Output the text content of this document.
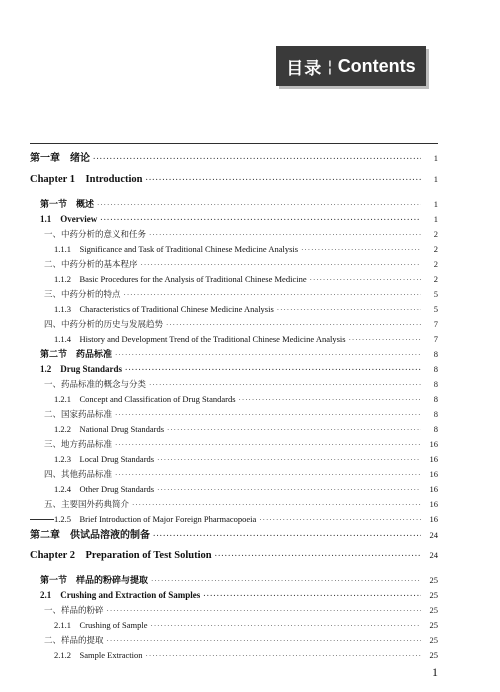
目录 ¦ Contents
第一章　绪论 ·····	1
Chapter 1　Introduction ·····	1
第一节　概述 ·····	1
1.1　Overview ·····	1
一、中药分析的意义和任务 ·····	2
1.1.1　Significance and Task of Traditional Chinese Medicine Analysis ·····	2
二、中药分析的基本程序 ·····	2
1.1.2　Basic Procedures for the Analysis of Traditional Chinese Medicine ·····	2
三、中药分析的特点 ·····	5
1.1.3　Characteristics of Traditional Chinese Medicine Analysis ·····	5
四、中药分析的历史与发展趋势 ·····	7
1.1.4　History and Development Trend of the Traditional Chinese Medicine Analysis ·····	7
第二节　药品标准 ·····	8
1.2　Drug Standards ·····	8
一、药品标准的概念与分类 ·····	8
1.2.1　Concept and Classification of Drug Standards ·····	8
二、国家药品标准 ·····	8
1.2.2　National Drug Standards ·····	8
三、地方药品标准 ·····	16
1.2.3　Local Drug Standards ·····	16
四、其他药品标准 ·····	16
1.2.4　Other Drug Standards ·····	16
五、主要国外药典简介 ·····	16
1.2.5　Brief Introduction of Major Foreign Pharmacopoeia ·····	16
第二章　供试品溶液的制备 ·····	24
Chapter 2　Preparation of Test Solution ·····	24
第一节　样品的粉碎与提取 ·····	25
2.1　Crushing and Extraction of Samples ·····	25
一、样品的粉碎 ·····	25
2.1.1　Crushing of Sample ·····	25
二、样品的提取 ·····	25
2.1.2　Sample Extraction ·····	25
1
